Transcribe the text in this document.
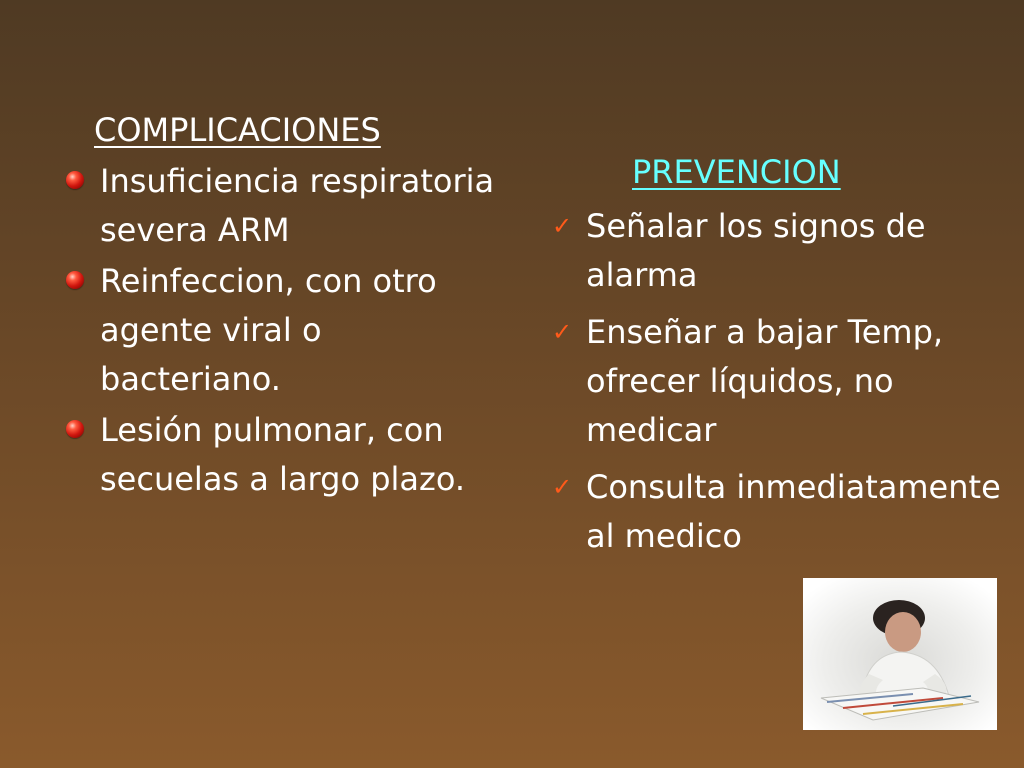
COMPLICACIONES
Insuficiencia respiratoria severa ARM
Reinfeccion, con otro agente viral o bacteriano.
Lesión pulmonar, con secuelas a largo plazo.
PREVENCION
✓ Señalar los signos de alarma
✓ Enseñar a bajar Temp, ofrecer líquidos, no medicar
✓ Consulta inmediatamente al medico
